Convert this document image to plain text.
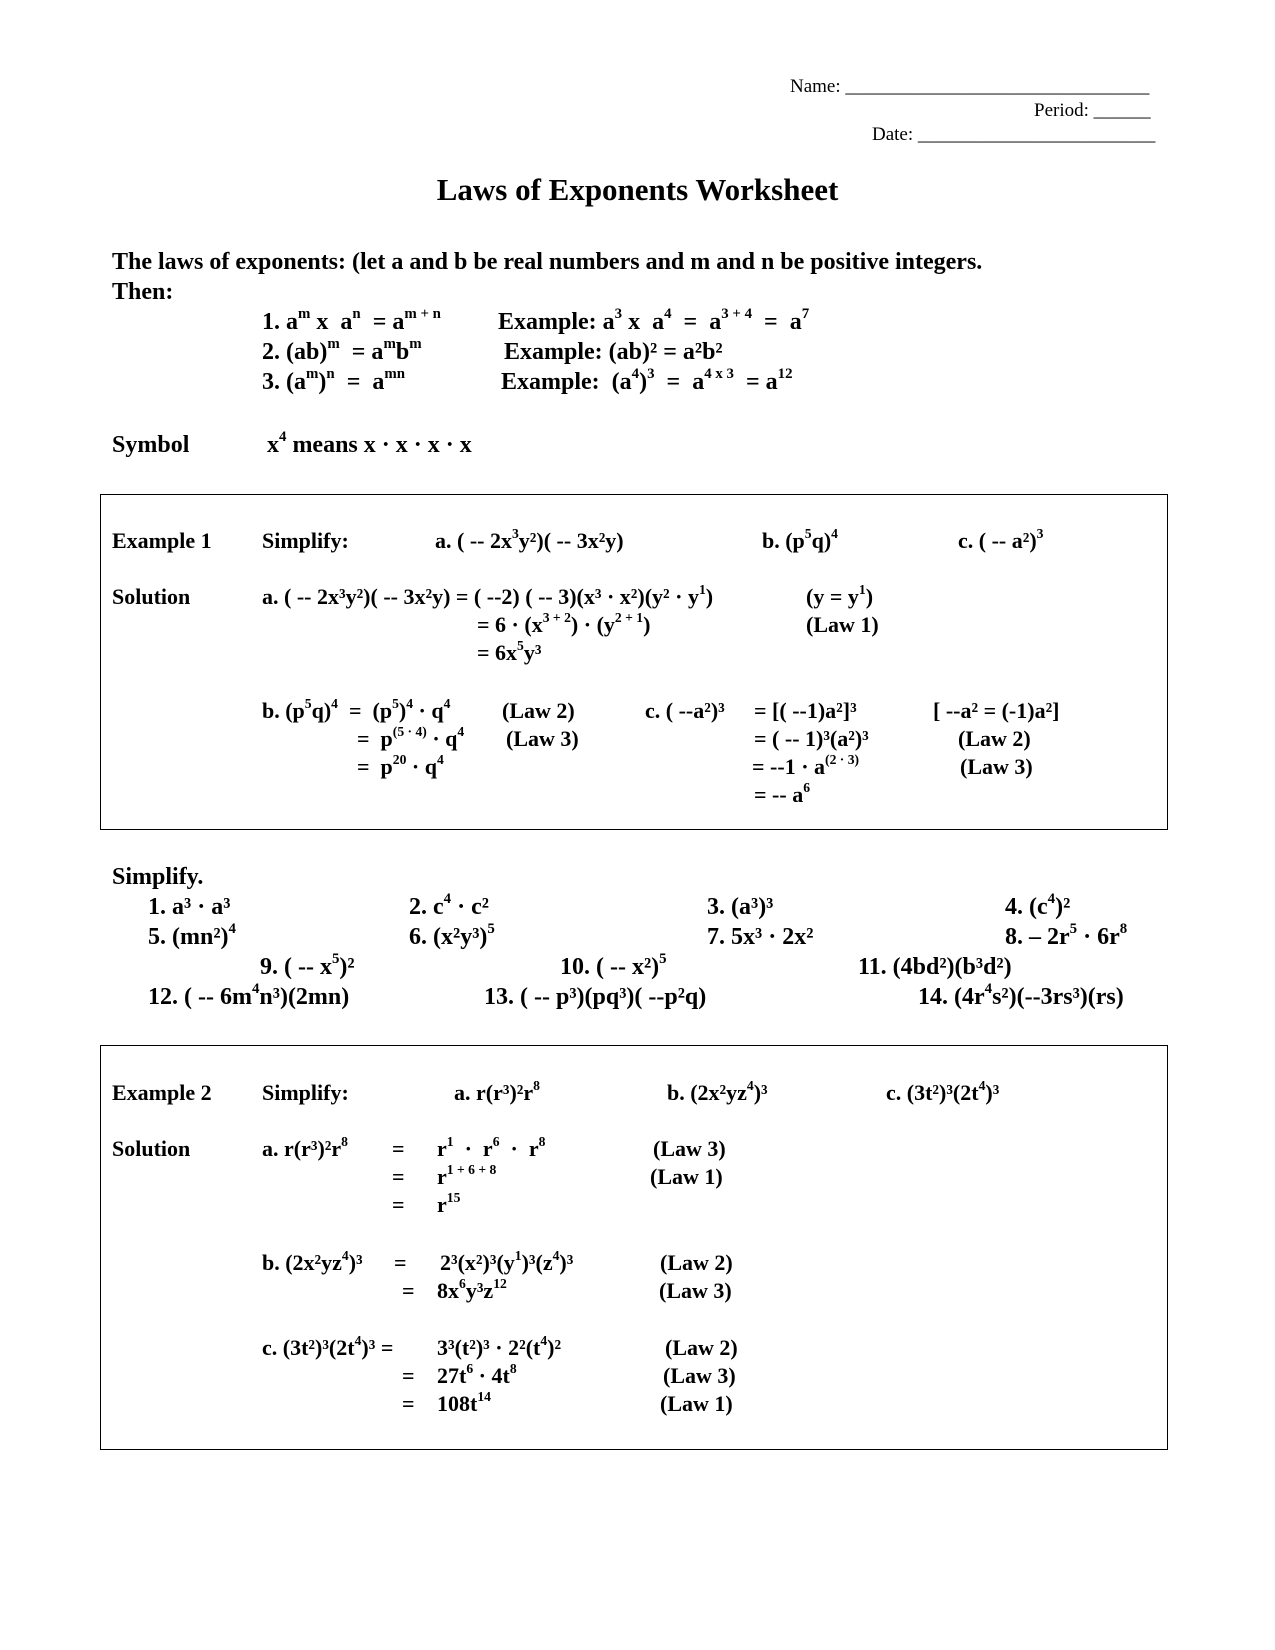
Name: ________________________________
Period: ______
Date: _________________________
Laws of Exponents Worksheet
The laws of exponents: (let a and b be real numbers and m and n be positive integers.
Then:
1. $a^m$ x  $a^n = a^{m + n}$ Example: $a^3$ x  $a^4 = a^{3 + 4} = a^7$
2. $(ab)^m = a^mb^m$	Example: (ab)² = a²b²
3. $(a^m)^n = a^{mn}$	Example: $(a^4)^3 = a^{4 x 3} = a^{12}$
Symbol	$x^4$ means x · x · x · x
Example 1 Simplify:	a. ( -- $2x^3y^2)( -- 3x^2y)$	b. $(p^5q)^4$	c. ( -- a²)$^3$
Solution	a. ( -- 2x³y²)( -- 3x²y) = ( --2) ( -- $3)(x^3 \cdot x^2)(y^2 \cdot y^1)$	$(y = y^1)$
= $6 \cdot (x^{3 + 2}) \cdot (y^{2 + 1})$	(Law 1)
= $6x^5y^3$
b. $(p^5q)^4 = (p^5)^4 \cdot q^4$ (Law 2)
=  $p^{(5 \cdot 4)} \cdot q^4$ (Law 3)
=  $p^{20} \cdot q^4$
c. ( --a²)³ = [( --1)a²]³	[ --a² = (-1)a²]
= ( -- 1)³(a²)³	(Law 2)
= $--1 \cdot a^{(2 \cdot 3)}$	(Law 3)
= -- $a^6$
Simplify.
1. a³ · a³	2. $c^4 \cdot c^2$	3. (a³)³	4. $(c^4)^2$
5. $(mn^2)^4$	6. $(x^2y^3)^5$	7. 5x³ · 2x²	8. – $2r^5 \cdot 6r^8$
9. ( -- $x^5)^2$	10. ( -- x²)$^5$	11. (4bd²)(b³d²)
12. ( -- $6m^4n^3)(2mn)$	13. ( -- p³)(pq³)( --p²q)	14. $(4r^4s^2)(--3rs^3)(rs)$
Example 2 Simplify:	a. $r(r^3)^2r^8$	b. $(2x^2yz^4)^3$	c. $(3t^2)^3(2t^4)^3$
Solution	a. $r(r^3)^2r^8 = r^1 \cdot r^6 \cdot r^8$	(Law 3)
= $r^{1 + 6 + 8}$	(Law 1)
= $r^{15}$
b. $(2x^2yz^4)^3 = 2^3(x^2)^3(y^1)^3(z^4)^3$	(Law 2)
= $8x^6y^3z^{12}$	(Law 3)
c. $(3t^2)^3(2t^4)^3 = 3^3(t^2)^3 \cdot 2^2(t^4)^2$	(Law 2)
= $27t^6 \cdot 4t^8$	(Law 3)
= $108t^{14}$	(Law 1)
